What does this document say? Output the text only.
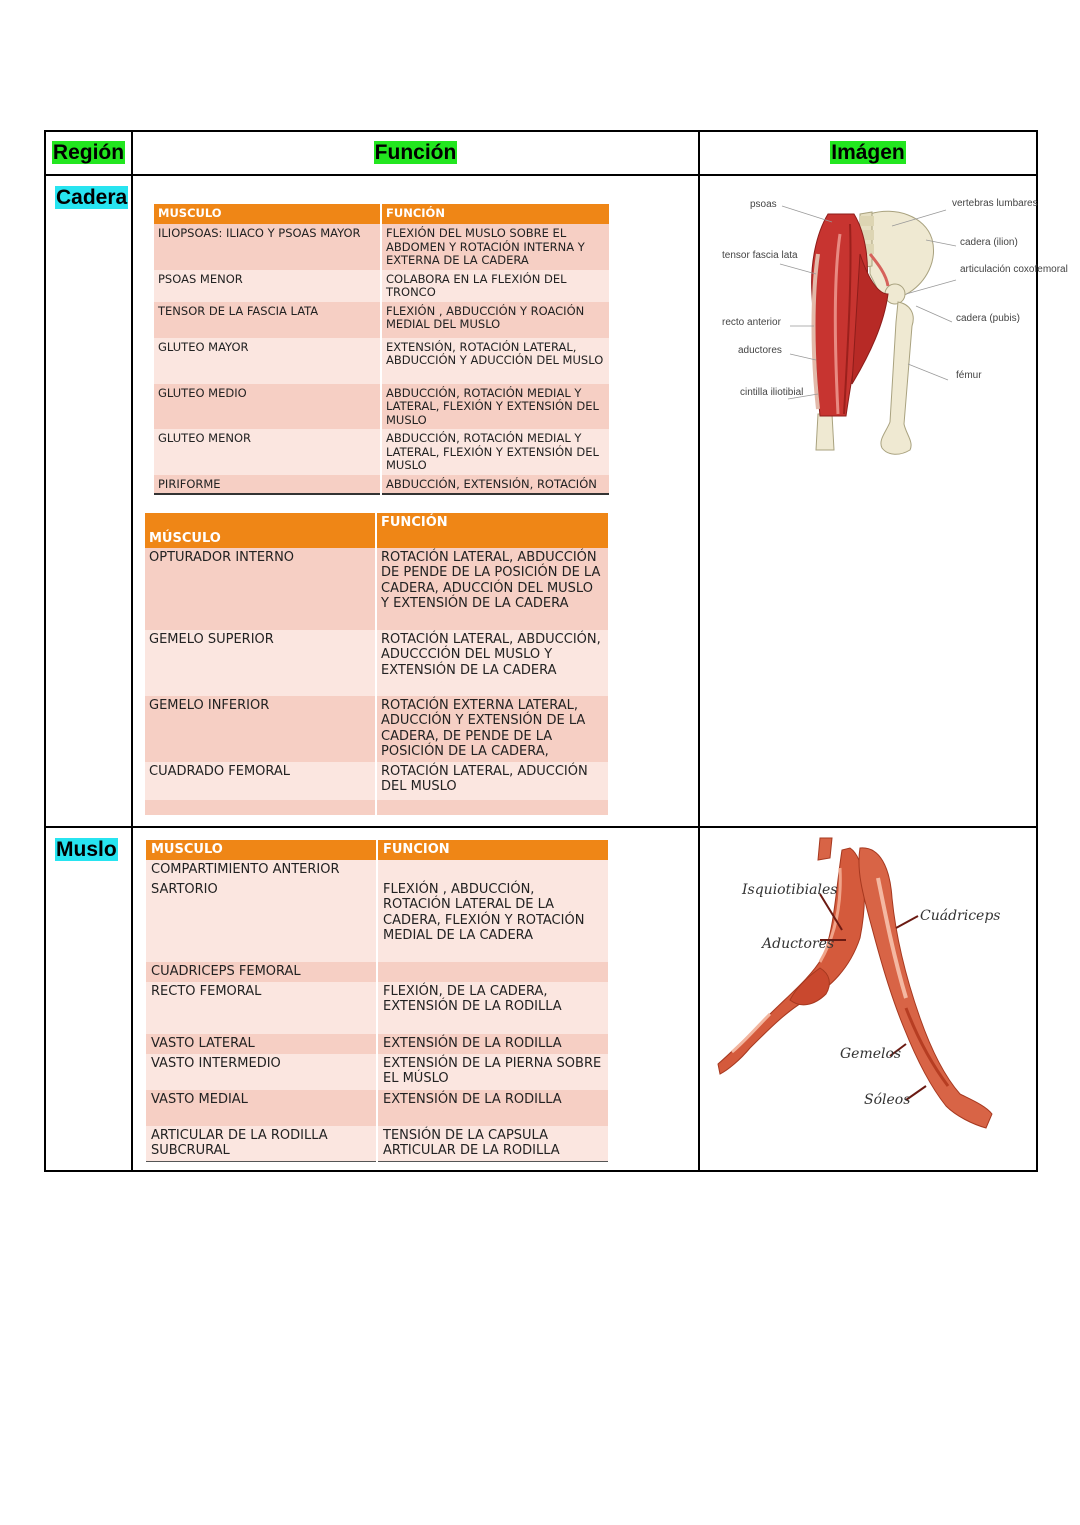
Región	Función	Imágen
Cadera	
MUSCULO	FUNCIÓN
ILIOPSOAS: ILIACO Y PSOAS MAYOR	FLEXIÓN DEL MUSLO SOBRE EL ABDOMEN Y ROTACIÓN INTERNA Y EXTERNA DE LA CADERA
PSOAS MENOR	COLABORA EN LA FLEXIÓN DEL TRONCO
TENSOR DE LA FASCIA LATA	FLEXIÓN , ABDUCCIÓN Y ROACIÓN MEDIAL DEL MUSLO
GLUTEO MAYOR	EXTENSIÓN, ROTACIÓN LATERAL, ABDUCCIÓN Y ADUCCIÓN DEL MUSLO
GLUTEO MEDIO	ABDUCCIÓN, ROTACIÓN MEDIAL Y LATERAL, FLEXIÓN Y EXTENSIÓN DEL MUSLO
GLUTEO MENOR	ABDUCCIÓN, ROTACIÓN MEDIAL Y LATERAL, FLEXIÓN Y EXTENSIÓN DEL MUSLO
PIRIFORME	ABDUCCIÓN, EXTENSIÓN, ROTACIÓN
MÚSCULO	FUNCIÓN
OPTURADOR INTERNO	ROTACIÓN LATERAL, ABDUCCIÓN DE PENDE DE LA POSICIÓN DE LA CADERA, ADUCCIÓN DEL MUSLO Y EXTENSIÓN DE LA CADERA
GEMELO SUPERIOR	ROTACIÓN LATERAL, ABDUCCIÓN, ADUCCCIÓN DEL MUSLO Y EXTENSIÓN DE LA CADERA
GEMELO INFERIOR	ROTACIÓN EXTERNA LATERAL, ADUCCIÓN Y EXTENSIÓN DE LA CADERA, DE PENDE DE LA POSICIÓN DE LA CADERA,
CUADRADO FEMORAL	ROTACIÓN LATERAL, ADUCCIÓN DEL MUSLO

psoas	vertebras lumbares
tensor fascia lata
cadera (ilion)
articulación coxofemoral
recto anterior	cadera (pubis)
aductores
fémur
cintilla iliotibial

Muslo		MUSCULO	FUNCION
COMPARTIMIENTO ANTERIOR	
SARTORIO	FLEXIÓN , ABDUCCIÓN, ROTACIÓN LATERAL DE LA CADERA, FLEXIÓN Y ROTACIÓN MEDIAL DE LA CADERA
CUADRICEPS FEMORAL	
RECTO FEMORAL	FLEXIÓN, DE LA CADERA, EXTENSIÓN DE LA RODILLA
VASTO LATERAL	EXTENSIÓN DE LA RODILLA
VASTO INTERMEDIO	EXTENSIÓN DE LA PIERNA SOBRE EL MÚSLO
VASTO MEDIAL	EXTENSIÓN DE LA RODILLA
ARTICULAR DE LA RODILLA SUBCRURAL	TENSIÓN DE LA CAPSULA ARTICULAR DE LA RODILLA

Isquiotibiales
Cuádriceps
Aductores
Gemelos
Sóleos
